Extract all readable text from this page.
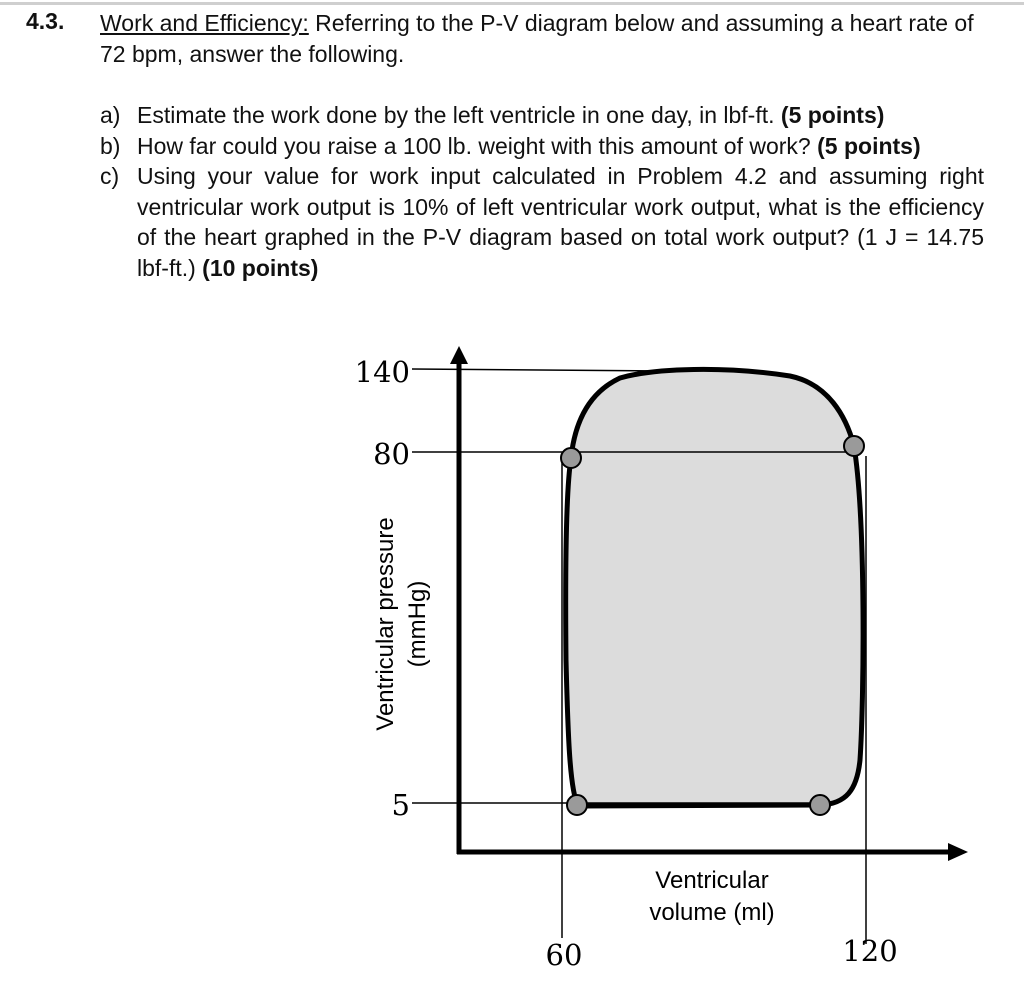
4.3. Work and Efficiency: Referring to the P-V diagram below and assuming a heart rate of 72 bpm, answer the following.
a) Estimate the work done by the left ventricle in one day, in lbf-ft. (5 points)
b) How far could you raise a 100 lb. weight with this amount of work? (5 points)
c) Using your value for work input calculated in Problem 4.2 and assuming right ventricular work output is 10% of left ventricular work output, what is the efficiency of the heart graphed in the P-V diagram based on total work output? (1 J = 14.75 lbf-ft.) (10 points)
140
80
5
60	120
Ventricular pressure (mmHg)
Ventricular
volume (ml)
